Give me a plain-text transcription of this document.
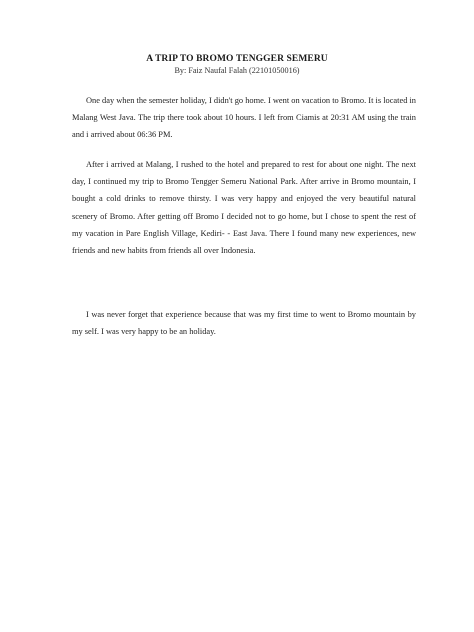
A TRIP TO BROMO TENGGER SEMERU
By: Faiz Naufal Falah (22101050016)

One day when the semester holiday, I didn't go home. I went on vacation to Bromo. It is located in Malang West Java. The trip there took about 10 hours. I left from Ciamis at 20:31 AM using the train and i arrived about 06:36 PM.

After i arrived at Malang, I rushed to the hotel and prepared to rest for about one night. The next day, I continued my trip to Bromo Tengger Semeru National Park. After arrive in Bromo mountain, I bought a cold drinks to remove thirsty. I was very happy and enjoyed the very beautiful natural scenery of Bromo. After getting off Bromo I decided not to go home, but I chose to spent the rest of my vacation in Pare English Village, Kediri- - East Java. There I found many new experiences, new friends and new habits from friends all over Indonesia.

I was never forget that experience because that was my first time to went to Bromo mountain by my self. I was very happy to be an holiday.
